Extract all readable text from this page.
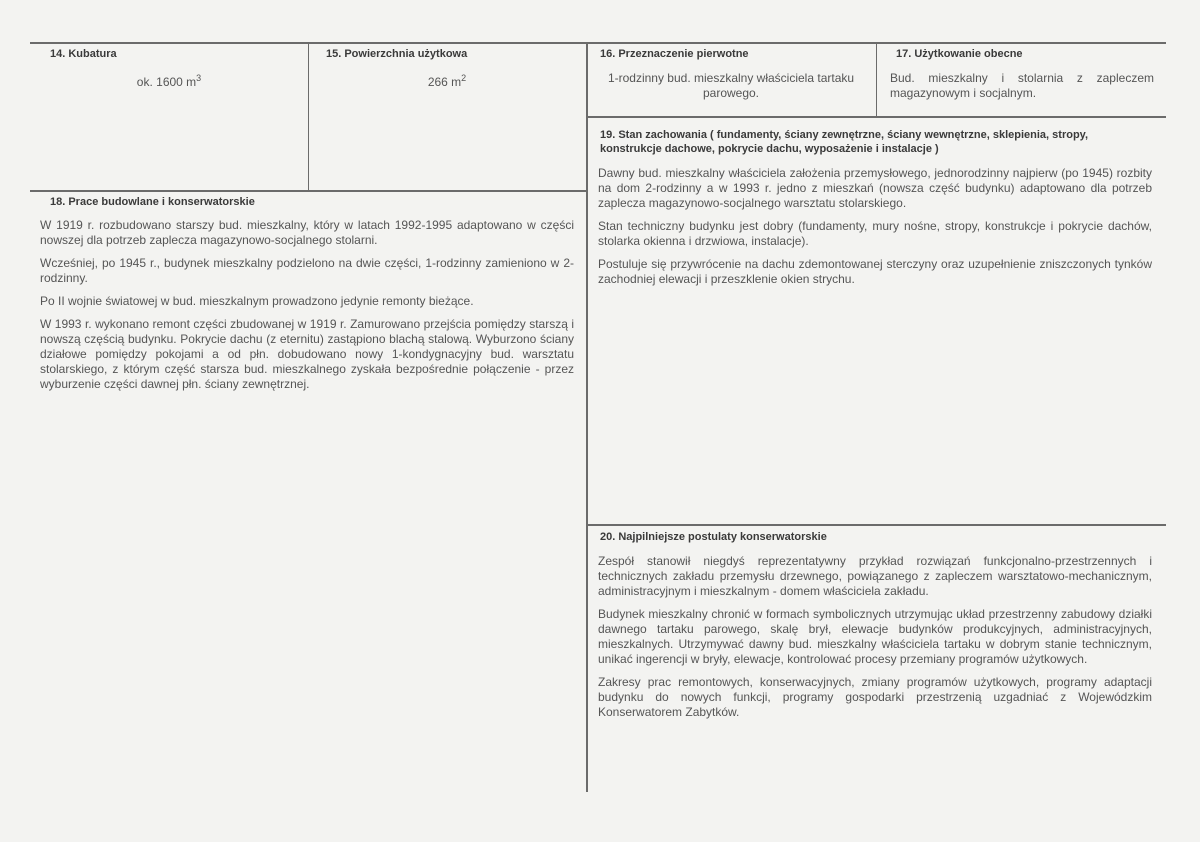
14. Kubatura
ok. 1600 $m^3$
15. Powierzchnia użytkowa
266 $m^2$
16. Przeznaczenie pierwotne
1-rodzinny bud. mieszkalny właściciela tartaku parowego.
17. Użytkowanie obecne
Bud. mieszkalny i stolarnia z zapleczem magazynowym i socjalnym.
18. Prace budowlane i konserwatorskie

W 1919 r. rozbudowano starszy bud. mieszkalny, który w latach 1992-1995 adaptowano w części nowszej dla potrzeb zaplecza magazynowo-socjalnego stolarni.

Wcześniej, po 1945 r., budynek mieszkalny podzielono na dwie części, 1-rodzinny zamieniono w 2-rodzinny.

Po II wojnie światowej w bud. mieszkalnym prowadzono jedynie remonty bieżące.

W 1993 r. wykonano remont części zbudowanej w 1919 r. Zamurowano przejścia pomiędzy starszą i nowszą częścią budynku. Pokrycie dachu (z eternitu) zastąpiono blachą stalową. Wyburzono ściany działowe pomiędzy pokojami a od płn. dobudowano nowy 1-kondygnacyjny bud. warsztatu stolarskiego, z którym część starsza bud. mieszkalnego zyskała bezpośrednie połączenie - przez wyburzenie części dawnej płn. ściany zewnętrznej.

19. Stan zachowania ( fundamenty, ściany zewnętrzne, ściany wewnętrzne, sklepienia, stropy, konstrukcje dachowe, pokrycie dachu, wyposażenie i instalacje )

Dawny bud. mieszkalny właściciela założenia przemysłowego, jednorodzinny najpierw (po 1945) rozbity na dom 2-rodzinny a w 1993 r. jedno z mieszkań (nowsza część budynku) adaptowano dla potrzeb zaplecza magazynowo-socjalnego warsztatu stolarskiego.

Stan techniczny budynku jest dobry (fundamenty, mury nośne, stropy, konstrukcje i pokrycie dachów, stolarka okienna i drzwiowa, instalacje).

Postuluje się przywrócenie na dachu zdemontowanej sterczyny oraz uzupełnienie zniszczonych tynków zachodniej elewacji i przeszklenie okien strychu.

20. Najpilniejsze postulaty konserwatorskie

Zespół stanowił niegdyś reprezentatywny przykład rozwiązań funkcjonalno-przestrzennych i technicznych zakładu przemysłu drzewnego, powiązanego z zapleczem warsztatowo-mechanicznym, administracyjnym i mieszkalnym - domem właściciela zakładu.

Budynek mieszkalny chronić w formach symbolicznych utrzymując układ przestrzenny zabudowy działki dawnego tartaku parowego, skalę brył, elewacje budynków produkcyjnych, administracyjnych, mieszkalnych. Utrzymywać dawny bud. mieszkalny właściciela tartaku w dobrym stanie technicznym, unikać ingerencji w bryły, elewacje, kontrolować procesy przemiany programów użytkowych.

Zakresy prac remontowych, konserwacyjnych, zmiany programów użytkowych, programy adaptacji budynku do nowych funkcji, programy gospodarki przestrzenią uzgadniać z Wojewódzkim Konserwatorem Zabytków.
